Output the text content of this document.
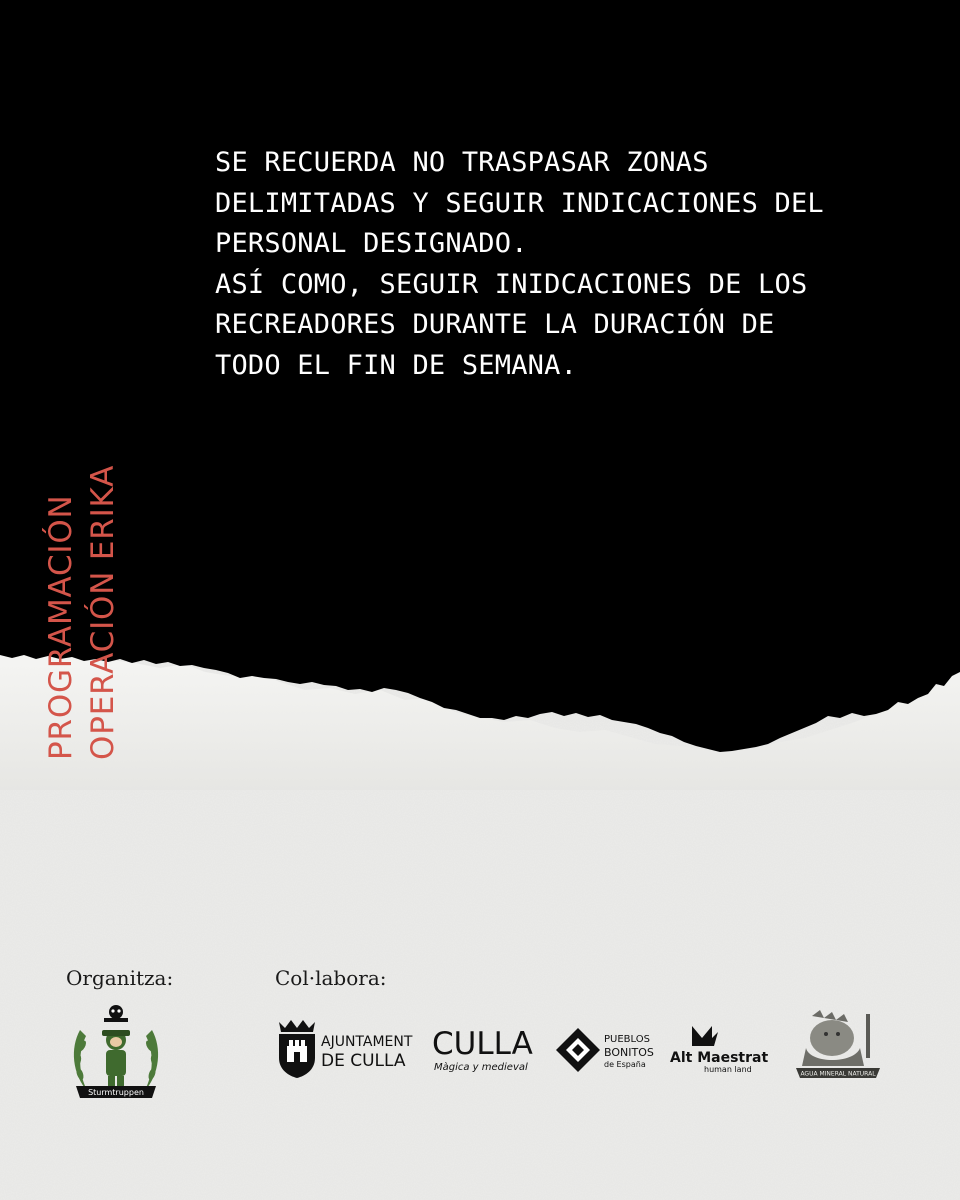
SE RECUERDA NO TRASPASAR ZONAS
DELIMITADAS Y SEGUIR INDICACIONES DEL
PERSONAL DESIGNADO.
ASÍ COMO, SEGUIR INIDCACIONES DE LOS
RECREADORES DURANTE LA DURACIÓN DE
TODO EL FIN DE SEMANA.
PROGRAMACIÓN OPERACIÓN ERIKA
Organitza:	Col·labora:
Sturmtruppen
AJUNTAMENT
DE CULLA CULLA
Màgica y medieval
PUEBLOS
BONITOS
de España Alt Maestrat
human land	AGUA MINERAL NATURAL
